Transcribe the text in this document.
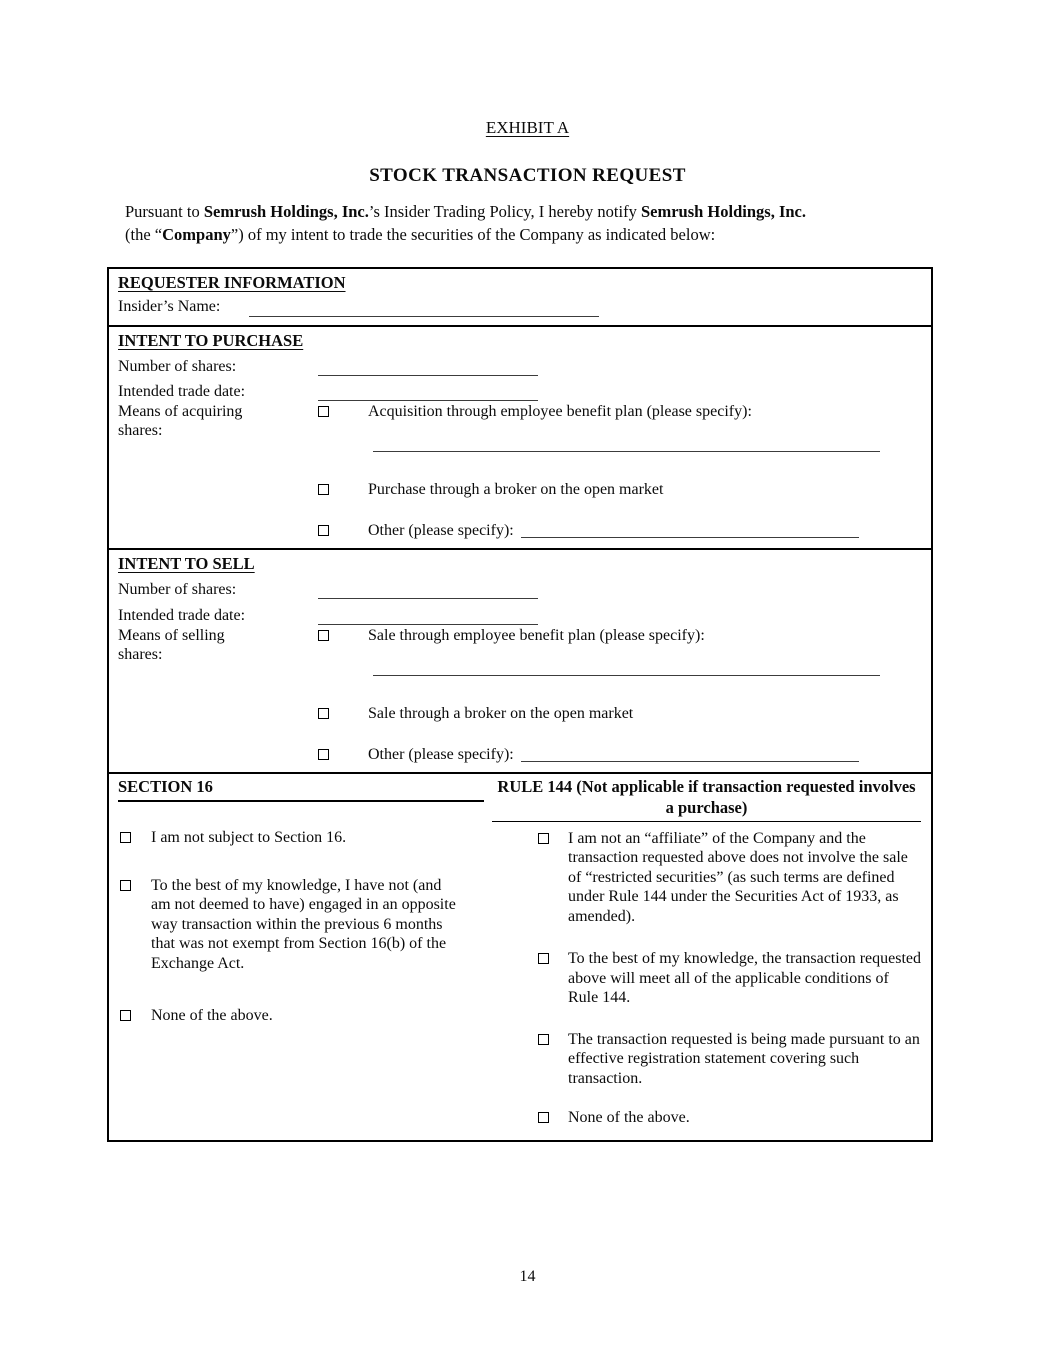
EXHIBIT A
STOCK TRANSACTION REQUEST
Pursuant to Semrush Holdings, Inc.’s Insider Trading Policy, I hereby notify Semrush Holdings, Inc.
(the “Company”) of my intent to trade the securities of the Company as indicated below:
REQUESTER INFORMATION
Insider’s Name:
INTENT TO PURCHASE
Number of shares:
Intended trade date:
Means of acquiring shares:
Acquisition through employee benefit plan (please specify):
Purchase through a broker on the open market
Other (please specify):
INTENT TO SELL
Number of shares:
Intended trade date:
Means of selling shares:
Sale through employee benefit plan (please specify):
Sale through a broker on the open market
Other (please specify):
SECTION 16
I am not subject to Section 16.
To the best of my knowledge, I have not (and am not deemed to have) engaged in an opposite way transaction within the previous 6 months that was not exempt from Section 16(b) of the Exchange Act.
None of the above.
RULE 144 (Not applicable if transaction requested involves a purchase)
I am not an “affiliate” of the Company and the transaction requested above does not involve the sale of “restricted securities” (as such terms are defined under Rule 144 under the Securities Act of 1933, as amended).
To the best of my knowledge, the transaction requested above will meet all of the applicable conditions of Rule 144.
The transaction requested is being made pursuant to an effective registration statement covering such transaction.
None of the above.
14
